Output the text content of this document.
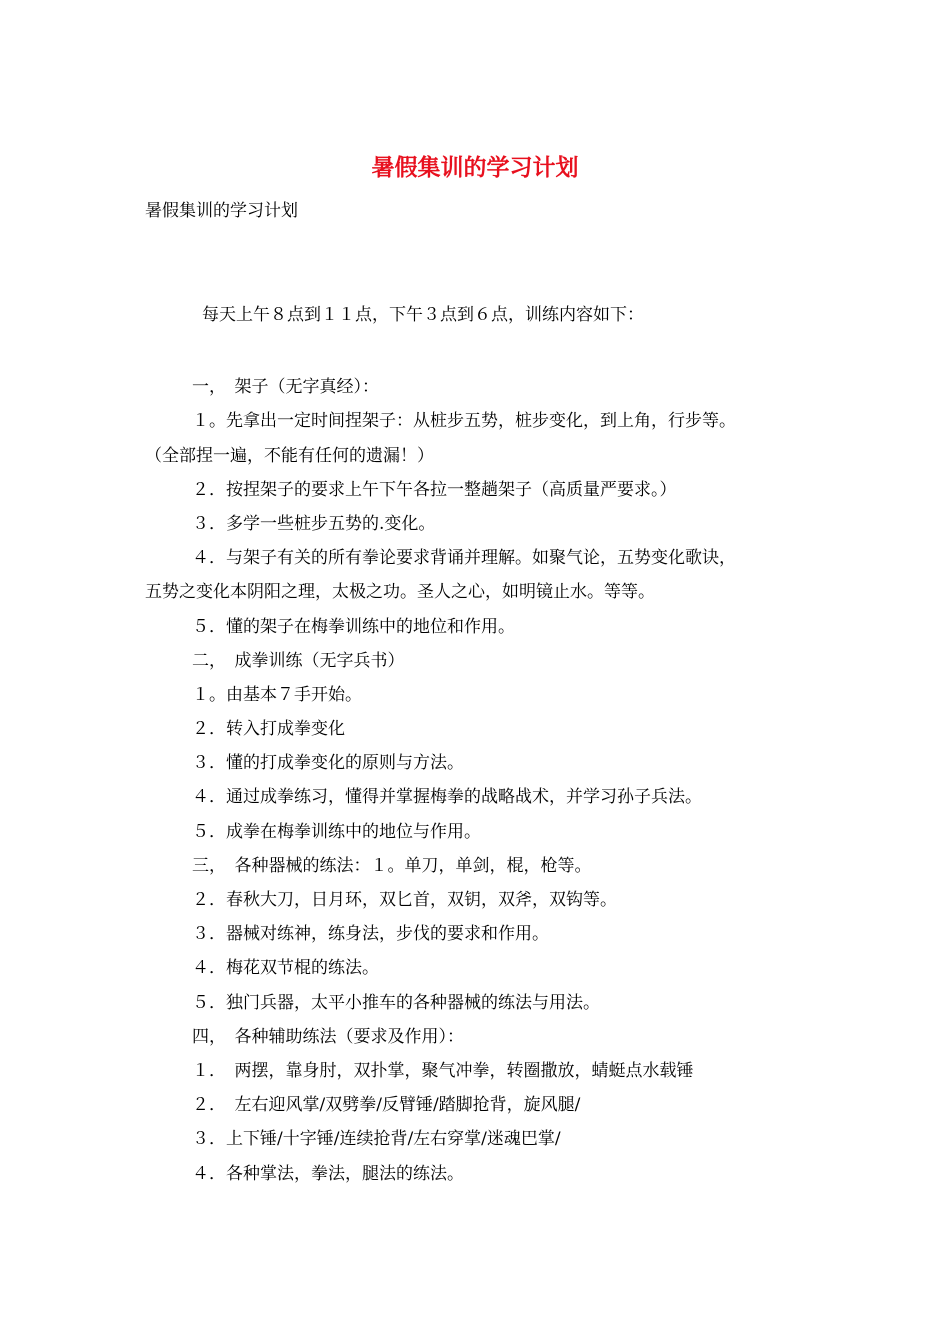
暑假集训的学习计划

暑假集训的学习计划

每天上午８点到１１点，下午３点到６点，训练内容如下：

一，　架子（无字真经）：

１。先拿出一定时间捏架子：从桩步五势，桩步变化，到上角，行步等。

（全部捏一遍，不能有任何的遗漏！）

２．按捏架子的要求上午下午各拉一整趟架子（高质量严要求。）

３．多学一些桩步五势的.变化。

４．与架子有关的所有拳论要求背诵并理解。如聚气论，五势变化歌诀，

五势之变化本阴阳之理，太极之功。圣人之心，如明镜止水。等等。

５．懂的架子在梅拳训练中的地位和作用。

二，　成拳训练（无字兵书）

１。由基本７手开始。

２．转入打成拳变化

３．懂的打成拳变化的原则与方法。

４．通过成拳练习，懂得并掌握梅拳的战略战术，并学习孙子兵法。

５．成拳在梅拳训练中的地位与作用。

三，　各种器械的练法：１。单刀，单剑，棍，枪等。

２．春秋大刀，日月环，双匕首，双钥，双斧，双钩等。

３．器械对练神，练身法，步伐的要求和作用。

４．梅花双节棍的练法。

５．独门兵器，太平小推车的各种器械的练法与用法。

四，　各种辅助练法（要求及作用）：

１．　两摆，靠身肘，双扑掌，聚气冲拳，转圈撒放，蜻蜓点水载锤

２．　左右迎风掌/双劈拳/反臂锤/踏脚抢背，旋风腿/

３．上下锤/十字锤/连续抢背/左右穿掌/迷魂巴掌/

４．各种掌法，拳法，腿法的练法。
